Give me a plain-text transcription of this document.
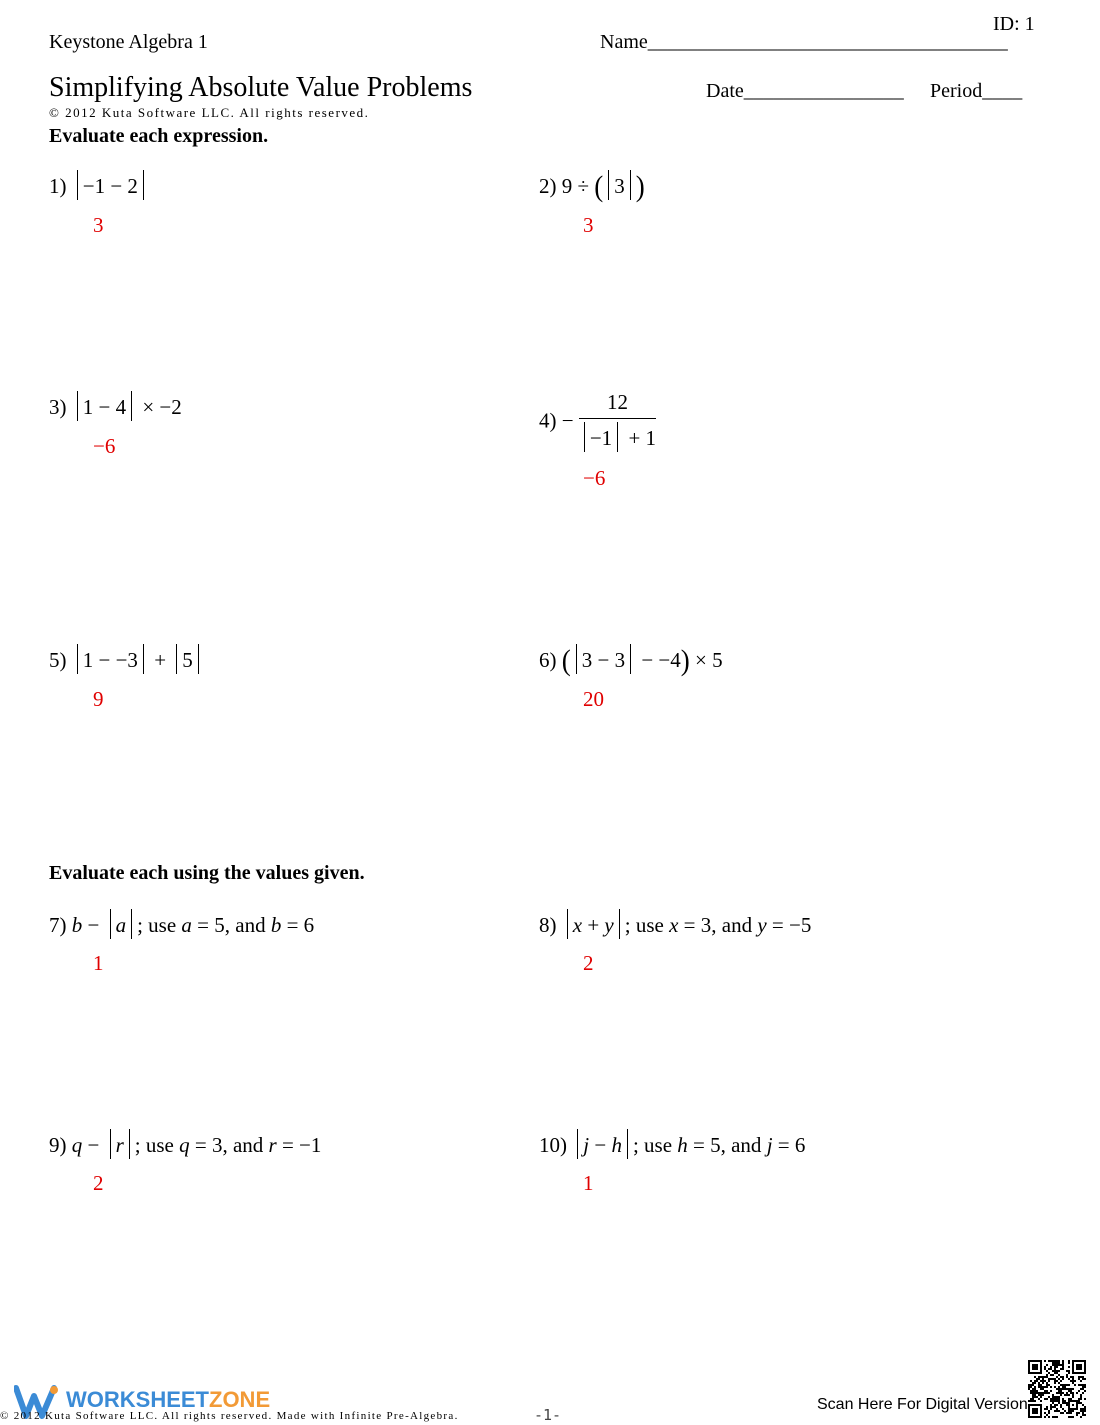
ID: 1
Keystone Algebra 1	Name____________________________________
Simplifying Absolute Value Problems	Date________________ Period____
© 2012 Kuta Software LLC. All rights reserved.
Evaluate each expression.
1) −1 − 2
3
2) 9 ÷ ( 3 )
3
3) 1 − 4 × −2
−6
$4) - \frac{12}{-1 + 1}$
−6
5) 1 − −3 + 5
9
6) ( 3 − 3 − −4) × 5
20
Evaluate each using the values given.
7) b − a ; use a = 5, and b = 6
1
8) x + y ; use x = 3, and y = −5
2
9) q − r ; use q = 3, and r = −1
2
10) j − h ; use h = 5, and j = 6
1
WORKSHEETZONE
© 2012 Kuta Software LLC. All rights reserved. Made with Infinite Pre-Algebra.	-1-
Scan Here For Digital Version
